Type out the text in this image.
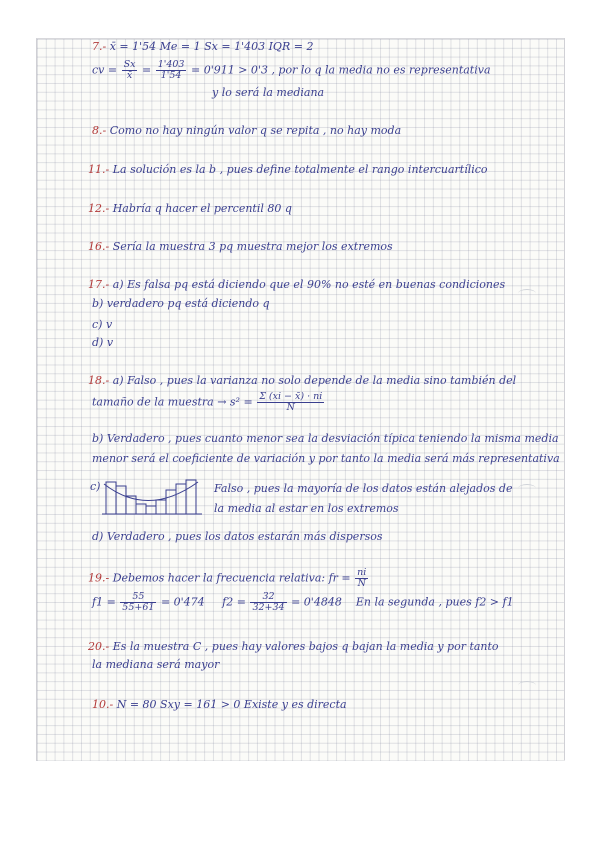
7.- x̄ = 1'54 Me = 1 Sx = 1'403 IQR = 2
cv = $\frac{Sx}{x̄} = \frac{1'403}{1'54} = 0'911 > 0'3$ , por lo q la media no es representativa
y lo será la mediana
8.- Como no hay ningún valor q se repita , no hay moda
11.- La solución es la b , pues define totalmente el rango intercuartílico
12.- Habría q hacer el percentil 80 q
16.- Sería la muestra 3 pq muestra mejor los extremos
17.- a) Es falsa pq está diciendo que el 90% no esté en buenas condiciones
b) verdadero pq está diciendo q
c) v
d) v
18.- a) Falso , pues la varianza no solo depende de la media sino también del
tamaño de la muestra → $s^2 = \frac{\Sigma (xi - x̄) \cdot ni}{N}$
b) Verdadero , pues cuanto menor sea la desviación típica teniendo la misma media
menor será el coeficiente de variación y por tanto la media será más representativa
c)	Falso , pues la mayoría de los datos están alejados de
la media al estar en los extremos
d) Verdadero , pues los datos estarán más dispersos
19.- Debemos hacer la frecuencia relativa: fr = $\frac{ni}{N}$
$f1 = \frac{55}{55+61} = 0'474$ $f2 = \frac{32}{32+34} = 0'4848$ En la segunda , pues f2 > f1
20.- Es la muestra C , pues hay valores bajos q bajan la media y por tanto
la mediana será mayor
10.- N = 80 Sxy = 161 > 0 Existe y es directa
